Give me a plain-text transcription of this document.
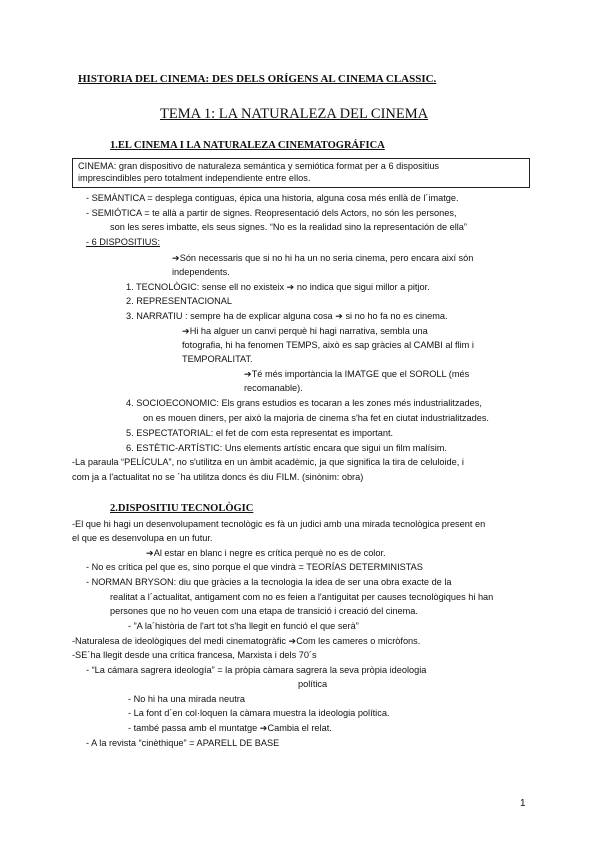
HISTORIA DEL CINEMA: DES DELS ORÍGENS AL CINEMA CLASSIC.
TEMA 1: LA NATURALEZA DEL CINEMA
1.EL CINEMA I LA NATURALEZA CINEMATOGRÁFICA
CINEMA: gran dispositivo de naturaleza semántica y semiótica format per a 6 dispositius
imprescindibles pero totalment independiente entre ellos.
- SEMÀNTICA = desplega contiguas, épica una historia, alguna cosa més enllà de l´imatge.
- SEMIÓTICA = te allà a partir de signes. Reopresentació dels Actors, no són les persones,
son les seres imbatte, els seus signes. “No es la realidad sino la representación de ella”
- 6 DISPOSITIUS:
➔Són necessaris que si no hi ha un no seria cinema, pero encara així són
independents.
1. TECNOLÒGIC: sense ell no existeix ➔ no indica que sigui millor a pitjor.
2. REPRESENTACIONAL
3. NARRATIU : sempre ha de explicar alguna cosa ➔ si no ho fa no es cinema.
➔Hi ha alguer un canvi perquè hi hagi narrativa, sembla una
fotografia, hi ha fenomen TEMPS, això es sap gràcies al CAMBI al flim i
TEMPORALITAT.
➔Té més importància la IMATGE que el SOROLL (més
recomanable).
4. SOCIOECONOMIC: Els grans estudios es tocaran a les zones més industrialitzades,
on es mouen diners, per això la majoria de cinema s'ha fet en ciutat industrialitzades.
5. ESPECTATORIAL: el fet de com esta representat es important.
6. ESTÈTIC-ARTÍSTIC: Uns elements artístic encara que sigui un film malísim.
-La paraula “PELÍCULA”, no s'utilitza en un àmbit acadèmic, ja que significa la tira de celuloide, i
com ja a l'actualitat no se ´ha utilitza doncs és diu FILM. (sinònim: obra)
2.DISPOSITIU TECNOLÒGIC
-El que hi hagi un desenvolupament tecnològic es fà un judici amb una mirada tecnològica present en
el que es desenvolupa en un futur.
➔Al estar en blanc i negre es crítica perquè no es de color.
- No es crítica pel que es, sino porque el que vindrà = TEORÍAS DETERMINISTAS
- NORMAN BRYSON: diu que gràcies a la tecnologia la idea de ser una obra exacte de la
realitat a l´actualitat, antigament com no es feien a l'antiguitat per causes tecnològiques hi han
persones que no ho veuen com una etapa de transició i creació del cinema.
- ”A la´història de l'art tot s'ha llegit en funció el que serà”
-Naturalesa de ideològiques del medi cinematogràfic ➔Com les cameres o micròfons.
-SE´ha llegit desde una crítica francesa, Marxista i dels 70´s
- “La cámara sagrera ideología” = la pròpia càmara sagrera la seva pròpia ideologia
política
- No hi ha una mirada neutra
- La font d´en col·loquen la càmara muestra la ideologia política.
- també passa amb el muntatge ➔Cambia el relat.
- A la revista “cinèthique” = APARELL DE BASE
1
